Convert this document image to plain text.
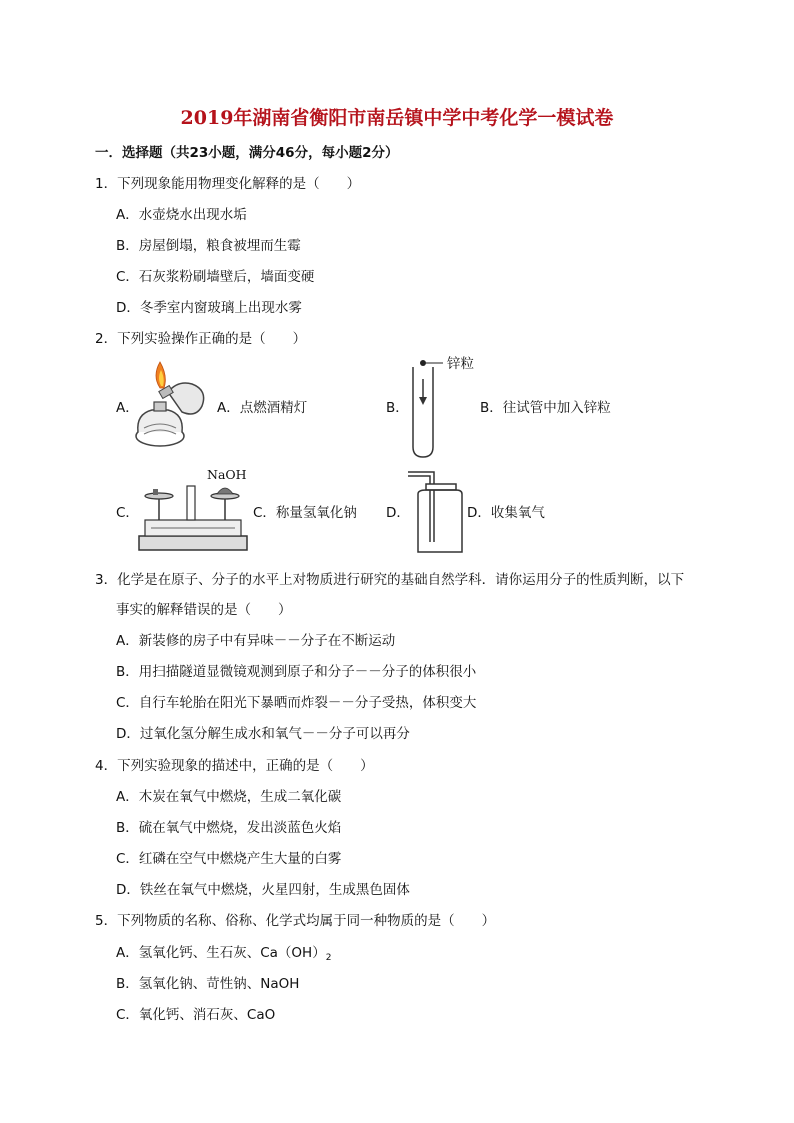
2019年湖南省衡阳市南岳镇中学中考化学一模试卷
一．选择题（共23小题，满分46分，每小题2分）
1．下列现象能用物理变化解释的是（　　）
A．水壶烧水出现水垢
B．房屋倒塌，粮食被埋而生霉
C．石灰浆粉刷墙壁后，墙面变硬
D．冬季室内窗玻璃上出现水雾
2．下列实验操作正确的是（　　）
A．	A．点燃酒精灯	B．
锌粒
B．往试管中加入锌粒
C．
NaOH
C．称量氢氧化钠 D．	D．收集氧气
3．化学是在原子、分子的水平上对物质进行研究的基础自然学科．请你运用分子的性质判断，以下
事实的解释错误的是（　　）
A．新装修的房子中有异味－－分子在不断运动
B．用扫描隧道显微镜观测到原子和分子－－分子的体积很小
C．自行车轮胎在阳光下暴晒而炸裂－－分子受热，体积变大
D．过氧化氢分解生成水和氧气－－分子可以再分
4．下列实验现象的描述中，正确的是（　　）
A．木炭在氧气中燃烧，生成二氧化碳
B．硫在氧气中燃烧，发出淡蓝色火焰
C．红磷在空气中燃烧产生大量的白雾
D．铁丝在氧气中燃烧，火星四射，生成黑色固体
5．下列物质的名称、俗称、化学式均属于同一种物质的是（　　）
A．氢氧化钙、生石灰、$Ca(OH)_2$
B．氢氧化钠、苛性钠、NaOH
C．氧化钙、消石灰、CaO
